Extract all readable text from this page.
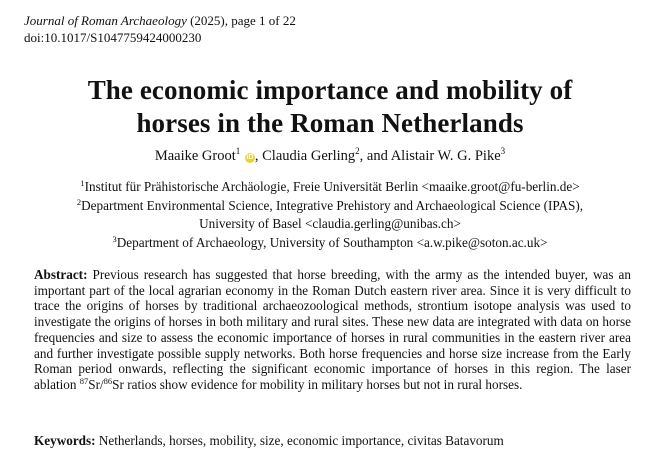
Journal of Roman Archaeology (2025), page 1 of 22
doi:10.1017/S1047759424000230
The economic importance and mobility of
horses in the Roman Netherlands
Maaike Groot$^1$ iD , Claudia Gerling$^2$, and Alistair W. G. Pike$^3$
$^1$Institut für Prähistorische Archäologie, Freie Universität Berlin <maaike.groot@fu-berlin.de>
$^2$Department Environmental Science, Integrative Prehistory and Archaeological Science (IPAS),
University of Basel <claudia.gerling@unibas.ch>
$^3$Department of Archaeology, University of Southampton <a.w.pike@soton.ac.uk>
Abstract: Previous research has suggested that horse breeding, with the army as the intended buyer, was an important part of the local agrarian economy in the Roman Dutch eastern river area. Since it is very difficult to trace the origins of horses by traditional archaeozoological methods, strontium isotope analysis was used to investigate the origins of horses in both military and rural sites. These new data are integrated with data on horse frequencies and size to assess the economic importance of horses in rural communities in the eastern river area and further investigate possible supply networks. Both horse frequencies and horse size increase from the Early Roman period onwards, reflecting the significant economic importance of horses in this region. The laser ablation $^{87}$Sr/$^{86}$Sr ratios show evidence for mobility in military horses but not in rural horses.
Keywords: Netherlands, horses, mobility, size, economic importance, civitas Batavorum
